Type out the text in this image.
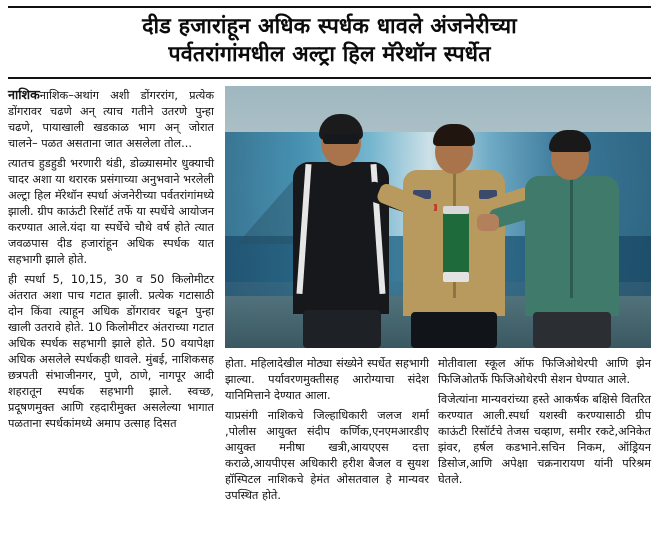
दीड हजारांहून अधिक स्पर्धक धावले अंजनेरीच्या
पर्वतरांगांमधील अल्ट्रा हिल मॅरेथॉन स्पर्धेत

नाशिकनाशिक–अथांग अशी डोंगररांग, प्रत्येक डोंगरावर चढणे अन् त्याच गतीने उतरणे पुन्हा चढणे, पायाखाली खडकाळ भाग अन् जोरात चालने– पळत असताना जात असलेला तोल...

त्यातच हुडहुडी भरणारी थंडी, डोळ्यासमोर धुक्याची चादर अशा या थरारक प्रसंगाच्या अनुभवाने भरलेली अल्ट्रा हिल मॅरेथॉन स्पर्धा अंजनेरीच्या पर्वतरांगांमध्ये झाली. ग्रीप काऊंटी रिसॉर्ट तर्फे या स्पर्धेचे आयोजन करण्यात आले.यंदा या स्पर्धेचे चौथे वर्ष होते त्यात जवळपास दीड हजारांहून अधिक स्पर्धक यात सहभागी झाले होते.

ही स्पर्धा 5, 10,15, 30 व 50 किलोमीटर अंतरात अशा पाच गटात झाली. प्रत्येक गटासाठी दोन किंवा त्याहून अधिक डोंगरावर चढून पुन्हा खाली उतरावे होते. 10 किलोमीटर अंतराच्या गटात अधिक स्पर्धक सहभागी झाले होते. 50 वयापेक्षा अधिक असलेले स्पर्धकही धावले. मुंबई, नाशिकसह छत्रपती संभाजीनगर, पुणे, ठाणे, नागपूर आदी शहरातून स्पर्धक सहभागी झाले. स्वच्छ, प्रदूषणमुक्त आणि रहदारीमुक्त असलेल्या भागात पळताना स्पर्धकांमध्ये अमाप उत्साह दिसत

होता. महिलादेखील मोठ्या संख्येने स्पर्धेत सहभागी झाल्या. पर्यावरणमुक्तीसह आरोग्याचा संदेश यानिमित्ताने देण्यात आला.

याप्रसंगी नाशिकचे जिल्हाधिकारी जलज शर्मा ,पोलीस आयुक्त संदीप कर्णिक,एनएमआरडीए आयुक्त मनीषा खत्री,आयएएस दत्ता कराळे,आयपीएस अधिकारी हरीश बैजल व सुयश हॉस्पिटल नाशिकचे हेमंत ओसतवाल हे मान्यवर उपस्थित होते.

मोतीवाला स्कूल ऑफ फिजिओथेरपी आणि झेन फिजिओतर्फे फिजिओथेरपी सेशन घेण्यात आले.

विजेत्यांना मान्यवरांच्या हस्ते आकर्षक बक्षिसे वितरित करण्यात आली.स्पर्धा यशस्वी करण्यासाठी ग्रीप काऊंटी रिसॉर्टचे तेजस चव्हाण, समीर रकटे,अनिकेत झंवर, हर्षल कडभाने.सचिन निकम, ऑड्रियन डिसोज,आणि अपेक्षा चक्रनारायण यांनी परिश्रम घेतले.
